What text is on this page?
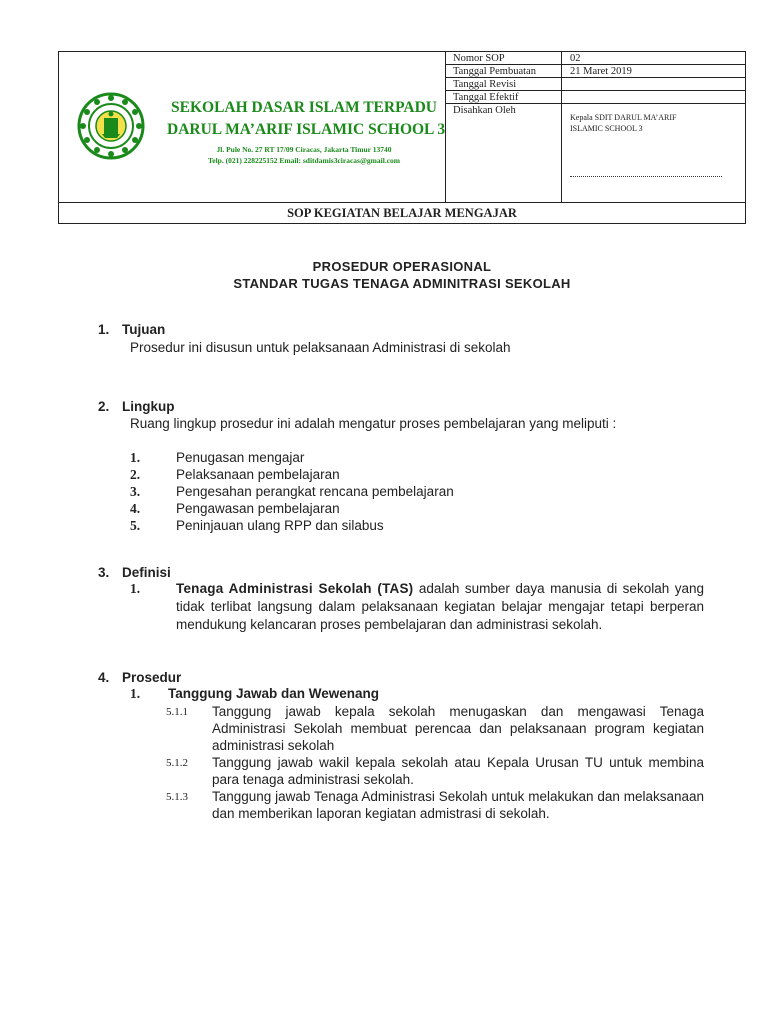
SEKOLAH DASAR ISLAM TERPADU
DARUL MA’ARIF ISLAMIC SCHOOL 3
Jl. Pule No. 27 RT 17/09 Ciracas, Jakarta Timur 13740
Telp. (021) 228225152 Email: sditdamis3ciracas@gmail.com
Nomor SOP	02
Tanggal Pembuatan	21 Maret 2019
Tanggal Revisi
Tanggal Efektif
Disahkan Oleh
Kepala SDIT DARUL MA’ARIF
ISLAMIC SCHOOL 3
SOP KEGIATAN BELAJAR MENGAJAR
PROSEDUR OPERASIONAL
STANDAR TUGAS TENAGA ADMINITRASI SEKOLAH
1. Tujuan
Prosedur ini disusun untuk pelaksanaan Administrasi di sekolah
2. Lingkup
Ruang lingkup prosedur ini adalah mengatur proses pembelajaran yang meliputi :
1.	Penugasan mengajar
2.	Pelaksanaan pembelajaran
3.	Pengesahan perangkat rencana pembelajaran
4.	Pengawasan pembelajaran
5.	Peninjauan ulang RPP dan silabus
3. Definisi
1.	Tenaga Administrasi Sekolah (TAS) adalah sumber daya manusia di sekolah yang tidak terlibat langsung dalam pelaksanaan kegiatan belajar mengajar tetapi berperan mendukung kelancaran proses pembelajaran dan administrasi sekolah.
4. Prosedur
1. Tanggung Jawab dan Wewenang
5.1.1 Tanggung jawab kepala sekolah menugaskan dan mengawasi Tenaga Administrasi Sekolah membuat perencaa dan pelaksanaan program kegiatan administrasi sekolah
5.1.2 Tanggung jawab wakil kepala sekolah atau Kepala Urusan TU untuk membina para tenaga administrasi sekolah.
5.1.3 Tanggung jawab Tenaga Administrasi Sekolah untuk melakukan dan melaksanaan dan memberikan laporan kegiatan admistrasi di sekolah.
